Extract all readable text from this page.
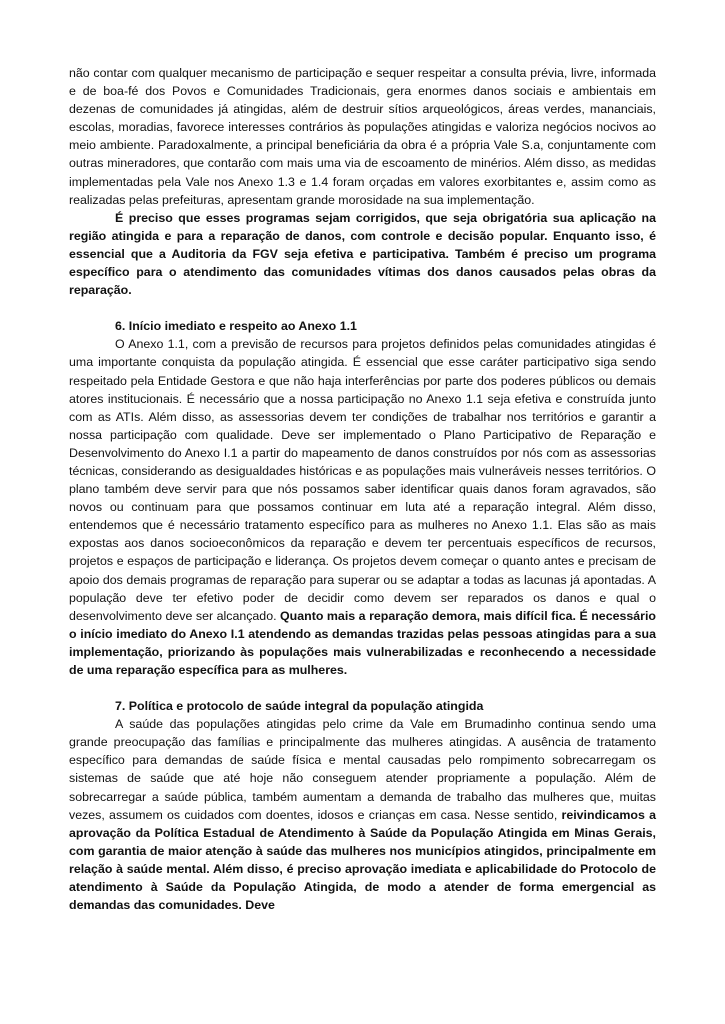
não contar com qualquer mecanismo de participação e sequer respeitar a consulta prévia, livre, informada e de boa-fé dos Povos e Comunidades Tradicionais, gera enormes danos sociais e ambientais em dezenas de comunidades já atingidas, além de destruir sítios arqueológicos, áreas verdes, mananciais, escolas, moradias, favorece interesses contrários às populações atingidas e valoriza negócios nocivos ao meio ambiente. Paradoxalmente, a principal beneficiária da obra é a própria Vale S.a, conjuntamente com outras mineradores, que contarão com mais uma via de escoamento de minérios. Além disso, as medidas implementadas pela Vale nos Anexo 1.3 e 1.4 foram orçadas em valores exorbitantes e, assim como as realizadas pelas prefeituras, apresentam grande morosidade na sua implementação.

É preciso que esses programas sejam corrigidos, que seja obrigatória sua aplicação na região atingida e para a reparação de danos, com controle e decisão popular. Enquanto isso, é essencial que a Auditoria da FGV seja efetiva e participativa. Também é preciso um programa específico para o atendimento das comunidades vítimas dos danos causados pelas obras da reparação.

6. Início imediato e respeito ao Anexo 1.1

O Anexo 1.1, com a previsão de recursos para projetos definidos pelas comunidades atingidas é uma importante conquista da população atingida. É essencial que esse caráter participativo siga sendo respeitado pela Entidade Gestora e que não haja interferências por parte dos poderes públicos ou demais atores institucionais. É necessário que a nossa participação no Anexo 1.1 seja efetiva e construída junto com as ATIs. Além disso, as assessorias devem ter condições de trabalhar nos territórios e garantir a nossa participação com qualidade. Deve ser implementado o Plano Participativo de Reparação e Desenvolvimento do Anexo I.1 a partir do mapeamento de danos construídos por nós com as assessorias técnicas, considerando as desigualdades históricas e as populações mais vulneráveis nesses territórios. O plano também deve servir para que nós possamos saber identificar quais danos foram agravados, são novos ou continuam para que possamos continuar em luta até a reparação integral. Além disso, entendemos que é necessário tratamento específico para as mulheres no Anexo 1.1. Elas são as mais expostas aos danos socioeconômicos da reparação e devem ter percentuais específicos de recursos, projetos e espaços de participação e liderança. Os projetos devem começar o quanto antes e precisam de apoio dos demais programas de reparação para superar ou se adaptar a todas as lacunas já apontadas. A população deve ter efetivo poder de decidir como devem ser reparados os danos e qual o desenvolvimento deve ser alcançado. Quanto mais a reparação demora, mais difícil fica. É necessário o início imediato do Anexo I.1 atendendo as demandas trazidas pelas pessoas atingidas para a sua implementação, priorizando às populações mais vulnerabilizadas e reconhecendo a necessidade de uma reparação específica para as mulheres.

7. Política e protocolo de saúde integral da população atingida

A saúde das populações atingidas pelo crime da Vale em Brumadinho continua sendo uma grande preocupação das famílias e principalmente das mulheres atingidas. A ausência de tratamento específico para demandas de saúde física e mental causadas pelo rompimento sobrecarregam os sistemas de saúde que até hoje não conseguem atender propriamente a população. Além de sobrecarregar a saúde pública, também aumentam a demanda de trabalho das mulheres que, muitas vezes, assumem os cuidados com doentes, idosos e crianças em casa. Nesse sentido, reivindicamos a aprovação da Política Estadual de Atendimento à Saúde da População Atingida em Minas Gerais, com garantia de maior atenção à saúde das mulheres nos municípios atingidos, principalmente em relação à saúde mental. Além disso, é preciso aprovação imediata e aplicabilidade do Protocolo de atendimento à Saúde da População Atingida, de modo a atender de forma emergencial as demandas das comunidades. Deve
